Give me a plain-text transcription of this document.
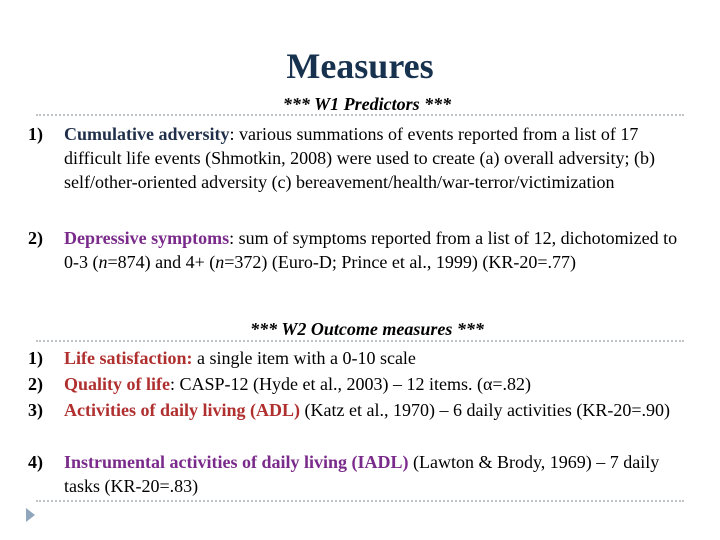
Measures
*** W1 Predictors ***
1) Cumulative adversity: various summations of events reported from a list of 17 difficult life events (Shmotkin, 2008) were used to create (a) overall adversity; (b) self/other-oriented adversity (c) bereavement/health/war-terror/victimization
2) Depressive symptoms: sum of symptoms reported from a list of 12, dichotomized to 0-3 (n=874) and 4+ (n=372) (Euro-D; Prince et al., 1999) (KR-20=.77)
*** W2 Outcome measures ***
1) Life satisfaction: a single item with a 0-10 scale
2) Quality of life: CASP-12 (Hyde et al., 2003) – 12 items. (α=.82)
3) Activities of daily living (ADL) (Katz et al., 1970) – 6 daily activities (KR-20=.90)
4) Instrumental activities of daily living (IADL) (Lawton & Brody, 1969) – 7 daily tasks (KR-20=.83)
